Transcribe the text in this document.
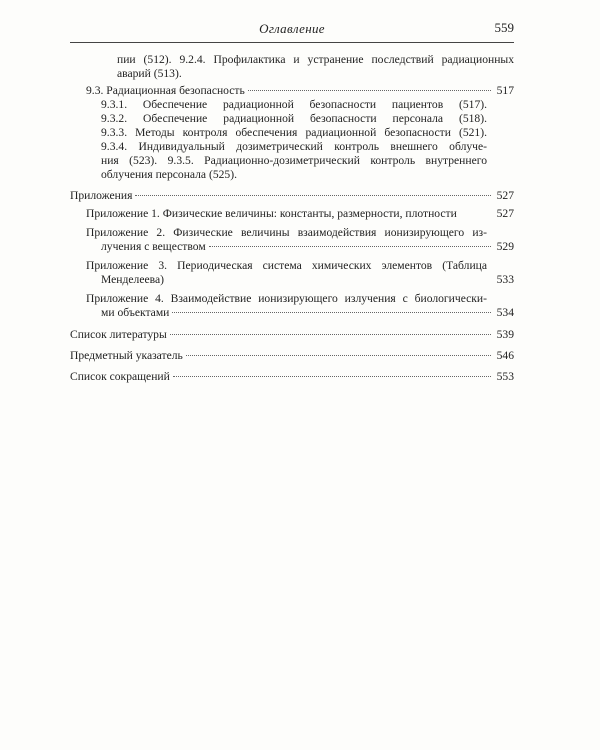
Оглавление	559
пии (512). 9.2.4. Профилактика и устранение последствий радиационных
аварий (513).
9.3. Радиационная безопасность	517
9.3.1. Обеспечение радиационной безопасности пациентов (517).
9.3.2. Обеспечение радиационной безопасности персонала (518).
9.3.3. Методы контроля обеспечения радиационной безопасности (521).
9.3.4. Индивидуальный дозиметрический контроль внешнего облуче-
ния (523). 9.3.5. Радиационно-дозиметрический контроль внутреннего
облучения персонала (525).
Приложения	527
Приложение 1. Физические величины: константы, размерности, плотности	527
Приложение 2. Физические величины взаимодействия ионизирующего из-
лучения с веществом	529
Приложение 3. Периодическая система химических элементов (Таблица
Менделеева)	533
Приложение 4. Взаимодействие ионизирующего излучения с биологически-
ми объектами	534
Список литературы	539
Предметный указатель	546
Список сокращений	553
